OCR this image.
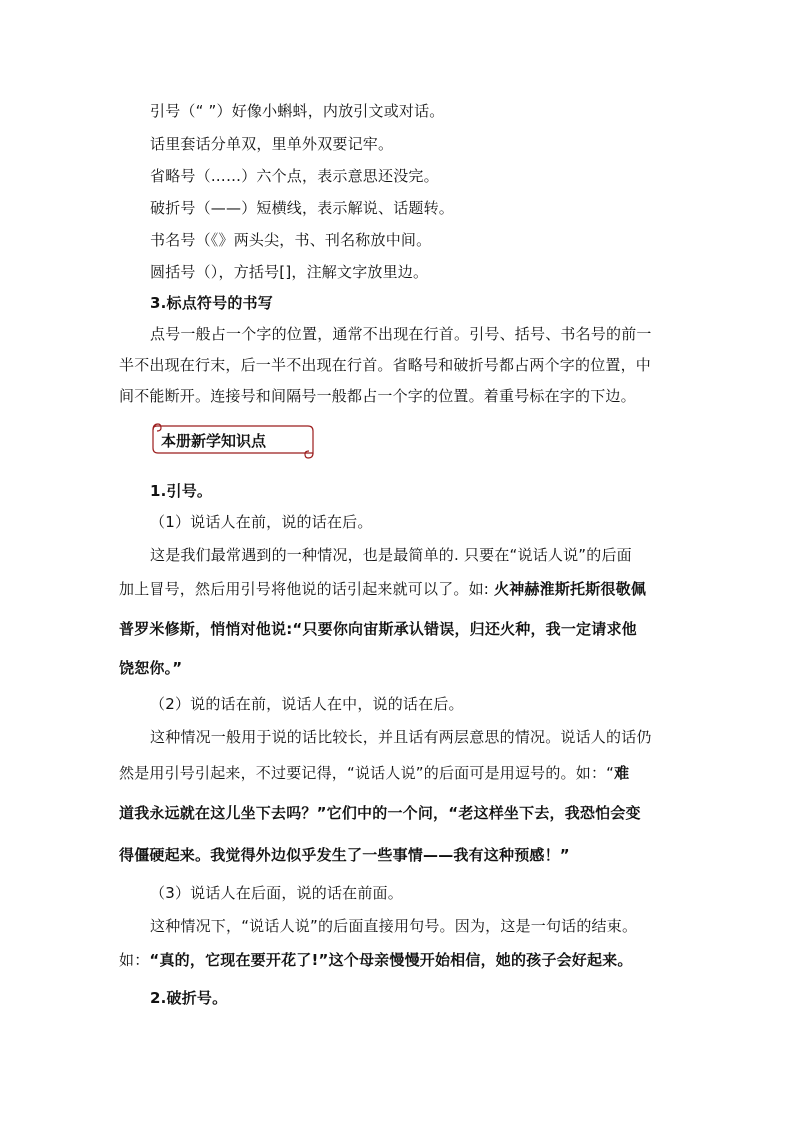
引号（“ ”）好像小蝌蚪，内放引文或对话。
话里套话分单双，里单外双要记牢。
省略号（……）六个点，表示意思还没完。
破折号（——）短横线，表示解说、话题转。
书名号（《》两头尖，书、刊名称放中间。
圆括号（），方括号[]，注解文字放里边。
3.标点符号的书写
点号一般占一个字的位置，通常不出现在行首。引号、括号、书名号的前一
半不出现在行末，后一半不出现在行首。省略号和破折号都占两个字的位置，中
间不能断开。连接号和间隔号一般都占一个字的位置。着重号标在字的下边。
本册新学知识点
1.引号。
（1）说话人在前，说的话在后。
这是我们最常遇到的一种情况，也是最简单的. 只要在“说话人说”的后面
加上冒号，然后用引号将他说的话引起来就可以了。如: 火神赫淮斯托斯很敬佩
普罗米修斯，悄悄对他说:“只要你向宙斯承认错误，归还火种，我一定请求他
饶恕你。”
（2）说的话在前，说话人在中，说的话在后。
这种情况一般用于说的话比较长，并且话有两层意思的情况。说话人的话仍
然是用引号引起来，不过要记得，“说话人说”的后面可是用逗号的。如：“难
道我永远就在这儿坐下去吗？”它们中的一个问，“老这样坐下去，我恐怕会变
得僵硬起来。我觉得外边似乎发生了一些事情——我有这种预感！”
（3）说话人在后面，说的话在前面。
这种情况下，“说话人说”的后面直接用句号。因为，这是一句话的结束。
如：“真的，它现在要开花了!”这个母亲慢慢开始相信，她的孩子会好起来。
2.破折号。
